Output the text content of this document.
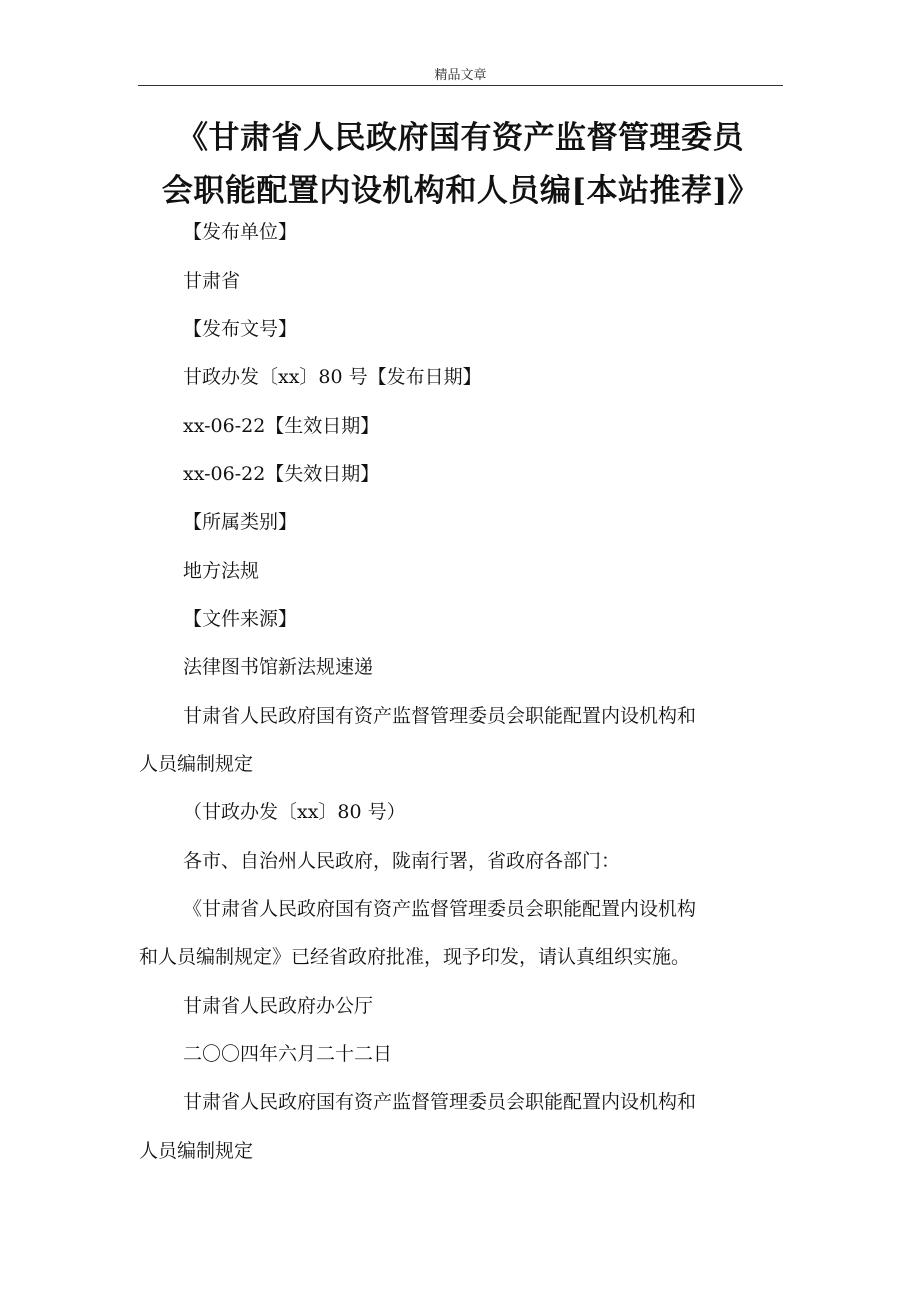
精品文章
《甘肃省人民政府国有资产监督管理委员
会职能配置内设机构和人员编[本站推荐]》
【发布单位】
甘肃省
【发布文号】
甘政办发〔xx〕80 号【发布日期】
xx-06-22【生效日期】
xx-06-22【失效日期】
【所属类别】
地方法规
【文件来源】
法律图书馆新法规速递
甘肃省人民政府国有资产监督管理委员会职能配置内设机构和
人员编制规定
（甘政办发〔xx〕80 号）
各市、自治州人民政府，陇南行署，省政府各部门：
《甘肃省人民政府国有资产监督管理委员会职能配置内设机构
和人员编制规定》已经省政府批准，现予印发，请认真组织实施。
甘肃省人民政府办公厅
二〇〇四年六月二十二日
甘肃省人民政府国有资产监督管理委员会职能配置内设机构和
人员编制规定
